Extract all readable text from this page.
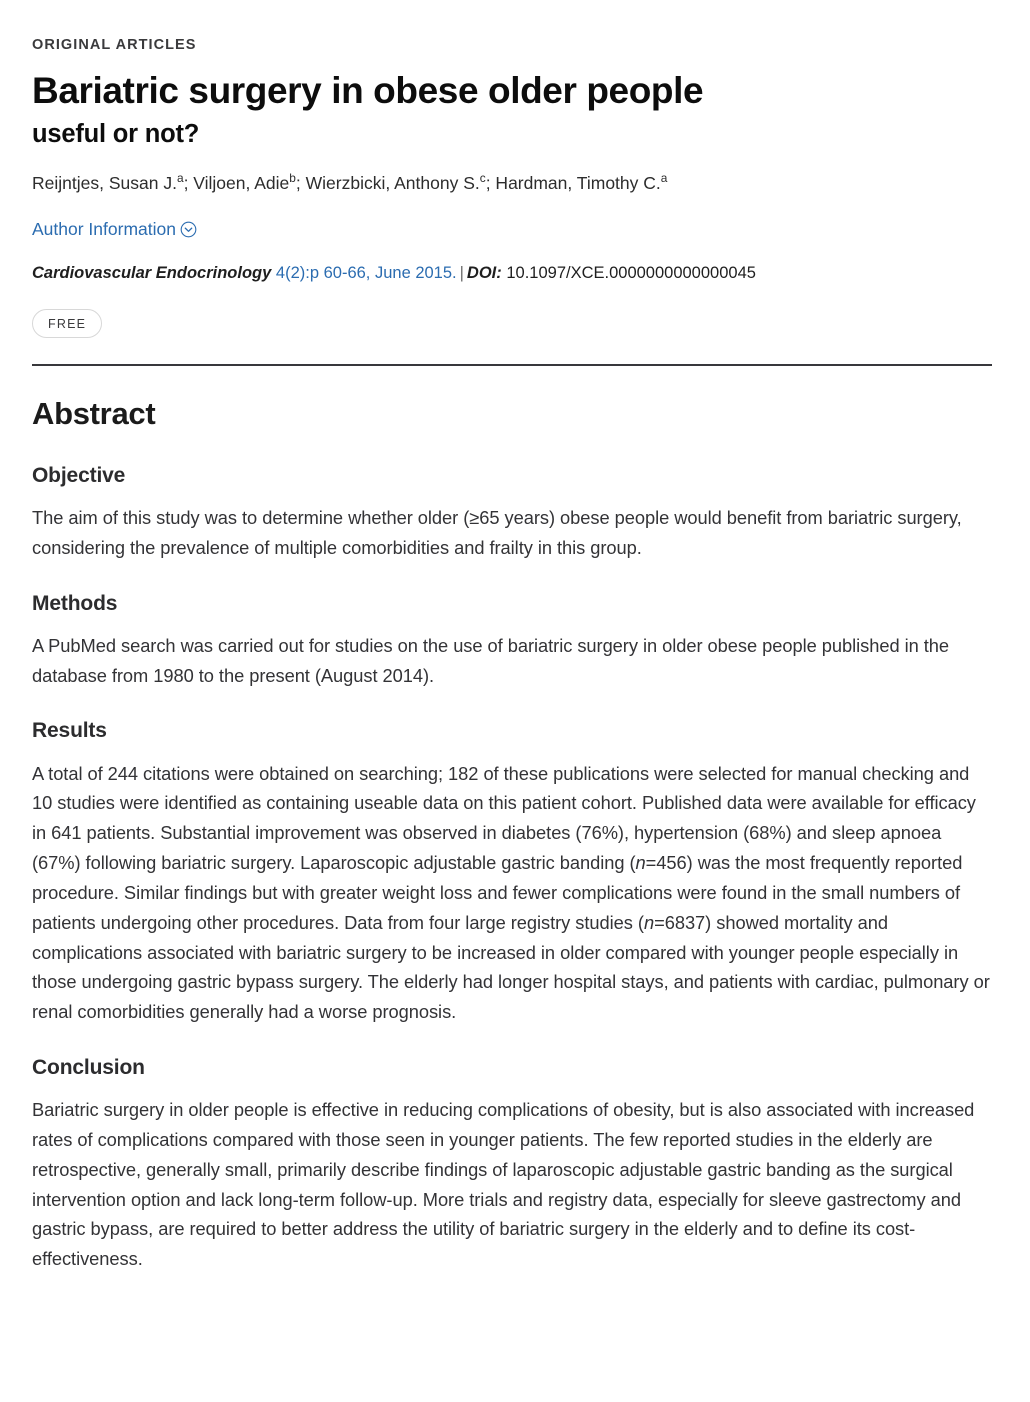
ORIGINAL ARTICLES
Bariatric surgery in obese older people
useful or not?
Reijntjes, Susan J.$^a$; Viljoen, Adie$^b$; Wierzbicki, Anthony S.$^c$; Hardman, Timothy C.$^a$
Author Information
Cardiovascular Endocrinology 4(2):p 60-66, June 2015. | DOI: 10.1097/XCE.0000000000000045
FREE
Abstract
Objective

The aim of this study was to determine whether older (≥65 years) obese people would benefit from bariatric surgery, considering the prevalence of multiple comorbidities and frailty in this group.

Methods

A PubMed search was carried out for studies on the use of bariatric surgery in older obese people published in the database from 1980 to the present (August 2014).

Results

A total of 244 citations were obtained on searching; 182 of these publications were selected for manual checking and 10 studies were identified as containing useable data on this patient cohort. Published data were available for efficacy in 641 patients. Substantial improvement was observed in diabetes (76%), hypertension (68%) and sleep apnoea (67%) following bariatric surgery. Laparoscopic adjustable gastric banding (n=456) was the most frequently reported procedure. Similar findings but with greater weight loss and fewer complications were found in the small numbers of patients undergoing other procedures. Data from four large registry studies (n=6837) showed mortality and complications associated with bariatric surgery to be increased in older compared with younger people especially in those undergoing gastric bypass surgery. The elderly had longer hospital stays, and patients with cardiac, pulmonary or renal comorbidities generally had a worse prognosis.

Conclusion

Bariatric surgery in older people is effective in reducing complications of obesity, but is also associated with increased rates of complications compared with those seen in younger patients. The few reported studies in the elderly are retrospective, generally small, primarily describe findings of laparoscopic adjustable gastric banding as the surgical intervention option and lack long-term follow-up. More trials and registry data, especially for sleeve gastrectomy and gastric bypass, are required to better address the utility of bariatric surgery in the elderly and to define its cost-effectiveness.
